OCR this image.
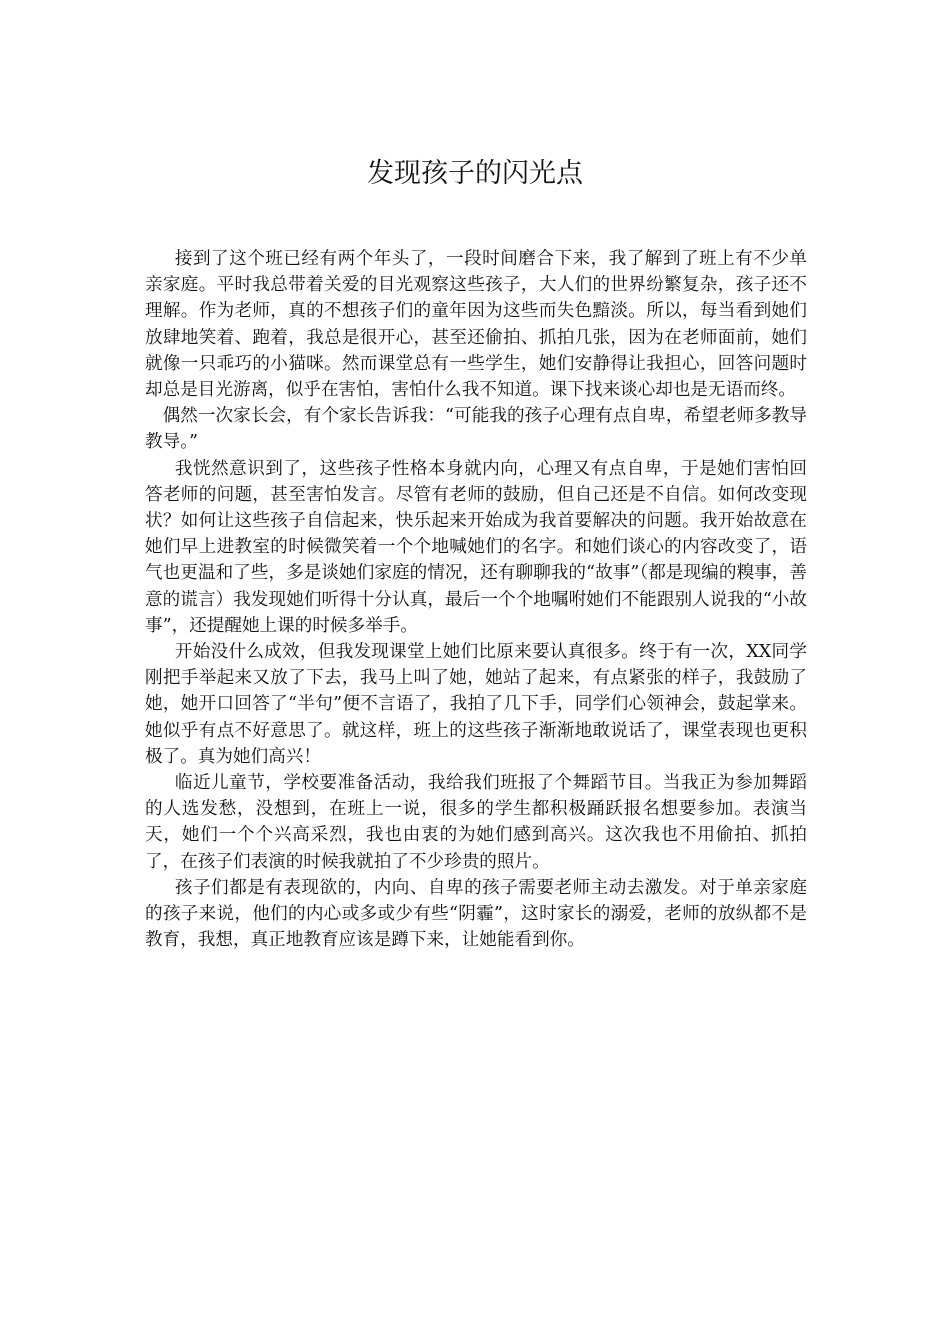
发现孩子的闪光点

接到了这个班已经有两个年头了，一段时间磨合下来，我了解到了班上有不少单亲家庭。平时我总带着关爱的目光观察这些孩子，大人们的世界纷繁复杂，孩子还不理解。作为老师，真的不想孩子们的童年因为这些而失色黯淡。所以，每当看到她们放肆地笑着、跑着，我总是很开心，甚至还偷拍、抓拍几张，因为在老师面前，她们就像一只乖巧的小猫咪。然而课堂总有一些学生，她们安静得让我担心，回答问题时却总是目光游离，似乎在害怕，害怕什么我不知道。课下找来谈心却也是无语而终。

偶然一次家长会，有个家长告诉我：“可能我的孩子心理有点自卑，希望老师多教导教导。”

我恍然意识到了，这些孩子性格本身就内向，心理又有点自卑，于是她们害怕回答老师的问题，甚至害怕发言。尽管有老师的鼓励，但自己还是不自信。如何改变现状？如何让这些孩子自信起来，快乐起来开始成为我首要解决的问题。我开始故意在她们早上进教室的时候微笑着一个个地喊她们的名字。和她们谈心的内容改变了，语气也更温和了些，多是谈她们家庭的情况，还有聊聊我的“故事”（都是现编的糗事，善意的谎言）我发现她们听得十分认真，最后一个个地嘱咐她们不能跟别人说我的“小故事”，还提醒她上课的时候多举手。

开始没什么成效，但我发现课堂上她们比原来要认真很多。终于有一次，XX同学刚把手举起来又放了下去，我马上叫了她，她站了起来，有点紧张的样子，我鼓励了她，她开口回答了“半句”便不言语了，我拍了几下手，同学们心领神会，鼓起掌来。她似乎有点不好意思了。就这样，班上的这些孩子渐渐地敢说话了，课堂表现也更积极了。真为她们高兴！

临近儿童节，学校要准备活动，我给我们班报了个舞蹈节目。当我正为参加舞蹈的人选发愁，没想到，在班上一说，很多的学生都积极踊跃报名想要参加。表演当天，她们一个个兴高采烈，我也由衷的为她们感到高兴。这次我也不用偷拍、抓拍了，在孩子们表演的时候我就拍了不少珍贵的照片。

孩子们都是有表现欲的，内向、自卑的孩子需要老师主动去激发。对于单亲家庭的孩子来说，他们的内心或多或少有些“阴霾”，这时家长的溺爱，老师的放纵都不是教育，我想，真正地教育应该是蹲下来，让她能看到你。
